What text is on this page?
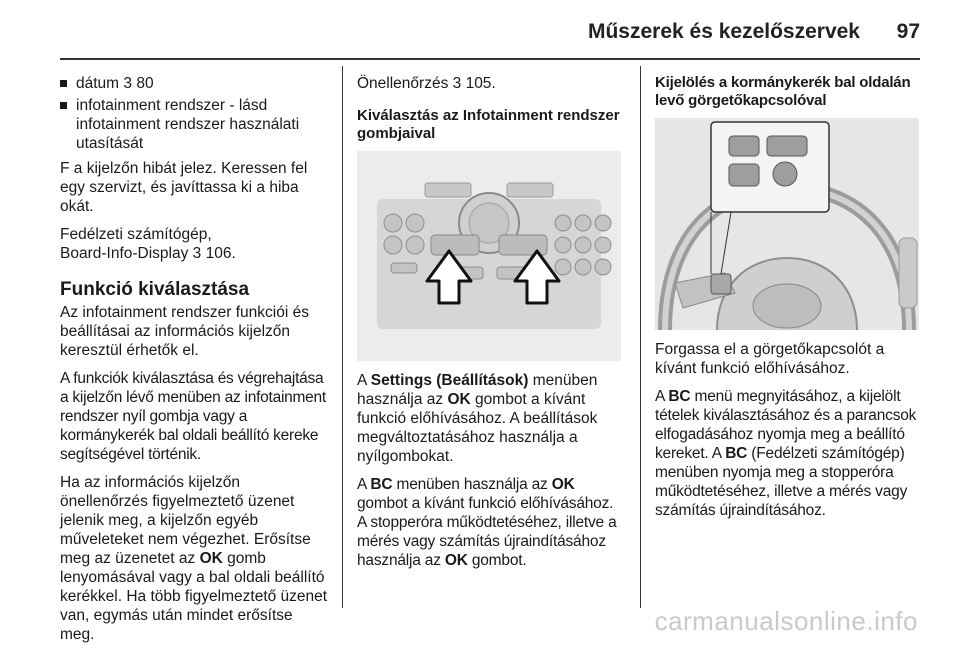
Műszerek és kezelőszervek 97
dátum 3 80
infotainment rendszer - lásd infotainment rendszer használati utasítását

F a kijelzőn hibát jelez. Keressen fel egy szervizt, és javíttassa ki a hiba okát.

Fedélzeti számítógép,
Board-Info-Display 3 106.

Funkció kiválasztása

Az infotainment rendszer funkciói és beállításai az információs kijelzőn keresztül érhetők el.

A funkciók kiválasztása és végrehajtása a kijelzőn lévő menüben az infotainment rendszer nyíl gombja vagy a kormánykerék bal oldali beállító kereke segítségével történik.

Ha az információs kijelzőn önellenőrzés figyelmeztető üzenet jelenik meg, a kijelzőn egyéb műveleteket nem végezhet. Erősítse meg az üzenetet az OK gomb lenyomásával vagy a bal oldali beállító kerékkel. Ha több figyelmeztető üzenet van, egymás után mindet erősítse meg.

Önellenőrzés 3 105.

Kiválasztás az Infotainment rendszer gombjaival

A Settings (Beállítások) menüben használja az OK gombot a kívánt funkció előhívásához. A beállítások megváltoztatásához használja a nyílgombokat.

A BC menüben használja az OK gombot a kívánt funkció előhívásához. A stopperóra működtetéséhez, illetve a mérés vagy számítás újraindításához használja az OK gombot.

Kijelölés a kormánykerék bal oldalán levő görgetőkapcsolóval

Forgassa el a görgetőkapcsolót a kívánt funkció előhívásához.

A BC menü megnyitásához, a kijelölt tételek kiválasztásához és a parancsok elfogadásához nyomja meg a beállító kereket. A BC (Fedélzeti számítógép) menüben nyomja meg a stopperóra működtetéséhez, illetve a mérés vagy számítás újraindításához.

carmanualsonline.info
